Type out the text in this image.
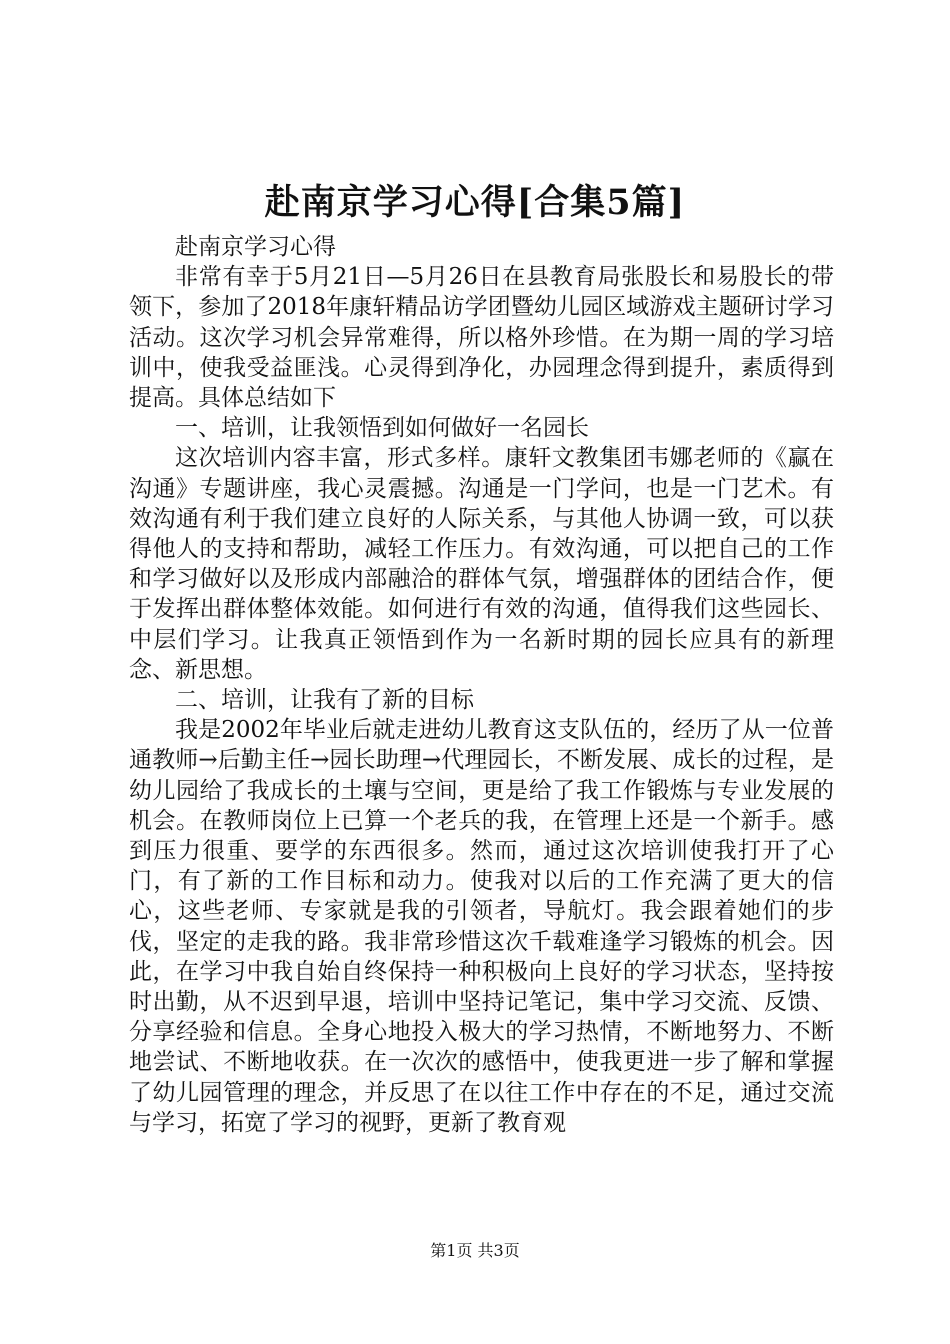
赴南京学习心得[合集5篇]

赴南京学习心得

非常有幸于5月21日—5月26日在县教育局张股长和易股长的带领下，参加了2018年康轩精品访学团暨幼儿园区域游戏主题研讨学习活动。这次学习机会异常难得，所以格外珍惜。在为期一周的学习培训中，使我受益匪浅。心灵得到净化，办园理念得到提升，素质得到提高。具体总结如下

一、培训，让我领悟到如何做好一名园长

这次培训内容丰富，形式多样。康轩文教集团韦娜老师的《赢在沟通》专题讲座，我心灵震撼。沟通是一门学问，也是一门艺术。有效沟通有利于我们建立良好的人际关系，与其他人协调一致，可以获得他人的支持和帮助，减轻工作压力。有效沟通，可以把自己的工作和学习做好以及形成内部融洽的群体气氛，增强群体的团结合作，便于发挥出群体整体效能。如何进行有效的沟通，值得我们这些园长、中层们学习。让我真正领悟到作为一名新时期的园长应具有的新理念、新思想。

二、培训，让我有了新的目标

我是2002年毕业后就走进幼儿教育这支队伍的，经历了从一位普通教师→后勤主任→园长助理→代理园长，不断发展、成长的过程，是幼儿园给了我成长的土壤与空间，更是给了我工作锻炼与专业发展的机会。在教师岗位上已算一个老兵的我，在管理上还是一个新手。感到压力很重、要学的东西很多。然而，通过这次培训使我打开了心门，有了新的工作目标和动力。使我对以后的工作充满了更大的信心，这些老师、专家就是我的引领者，导航灯。我会跟着她们的步伐，坚定的走我的路。我非常珍惜这次千载难逢学习锻炼的机会。因此，在学习中我自始自终保持一种积极向上良好的学习状态，坚持按时出勤，从不迟到早退，培训中坚持记笔记，集中学习交流、反馈、分享经验和信息。全身心地投入极大的学习热情，不断地努力、不断地尝试、不断地收获。在一次次的感悟中，使我更进一步了解和掌握了幼儿园管理的理念，并反思了在以往工作中存在的不足，通过交流与学习，拓宽了学习的视野，更新了教育观

第1页 共3页
